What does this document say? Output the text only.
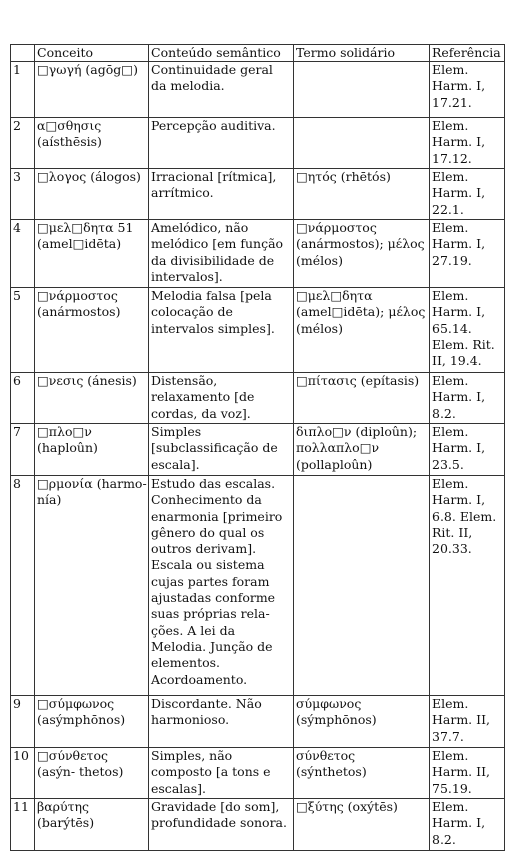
	Conceito	Conteúdo semântico	Termo solidário	Referência
1	□γωγή (agōg□)	Continuidade geral da melodia.		Elem. Harm. I, 17.21.
2	α□σθησις (aísthēsis)	Percepção auditiva.		Elem. Harm. I, 17.12.
3	□λογος (álogos)	Irracional [rítmica], arrítmico.	□ητός (rhētós)	Elem. Harm. I, 22.1.
4	□μελ□δητα 51 (amel□idēta)	Amelódico, não melódico [em função da divisibilidade de intervalos].	□νάρμοστος (anármostos); μέλος (mélos)	Elem. Harm. I, 27.19.
5	□νάρμοστος (anármostos)	Melodia falsa [pela colocação de intervalos simples].	□μελ□δητα (amel□idēta); μέλος (mélos)	Elem. Harm. I, 65.14. Elem. Rit. II, 19.4.
6	□νεσις (ánesis)	Distensão, relaxamento [de cordas, da voz].	□πίτασις (epítasis)	Elem. Harm. I, 8.2.
7	□πλο□ν (haploûn)	Simples [subclassificação de escala].	διπλο□ν (diploûn); πολλαπλο□ν (pollaploûn)	Elem. Harm. I, 23.5.
8	□ρμονία (harmo- nía)	Estudo das escalas. Conhecimento da enarmonia [primeiro gênero do qual os outros derivam]. Escala ou sistema cujas partes foram ajustadas conforme suas próprias rela- ções. A lei da Melodia. Junção de elementos. Acordoamento.		Elem. Harm. I, 6.8. Elem. Rit. II, 20.33.
9	□σύμφωνος (asýmphōnos)	Discordante. Não harmonioso.	σύμφωνος (sýmphōnos)	Elem. Harm. II, 37.7.
10	□σύνθετος (asýn- thetos)	Simples, não composto [a tons e escalas].	σύνθετος (sýnthetos)	Elem. Harm. II, 75.19.
11	βαρύτης (barýtēs)	Gravidade [do som], profundidade sonora.	□ξύτης (oxýtēs)	Elem. Harm. I, 8.2.
